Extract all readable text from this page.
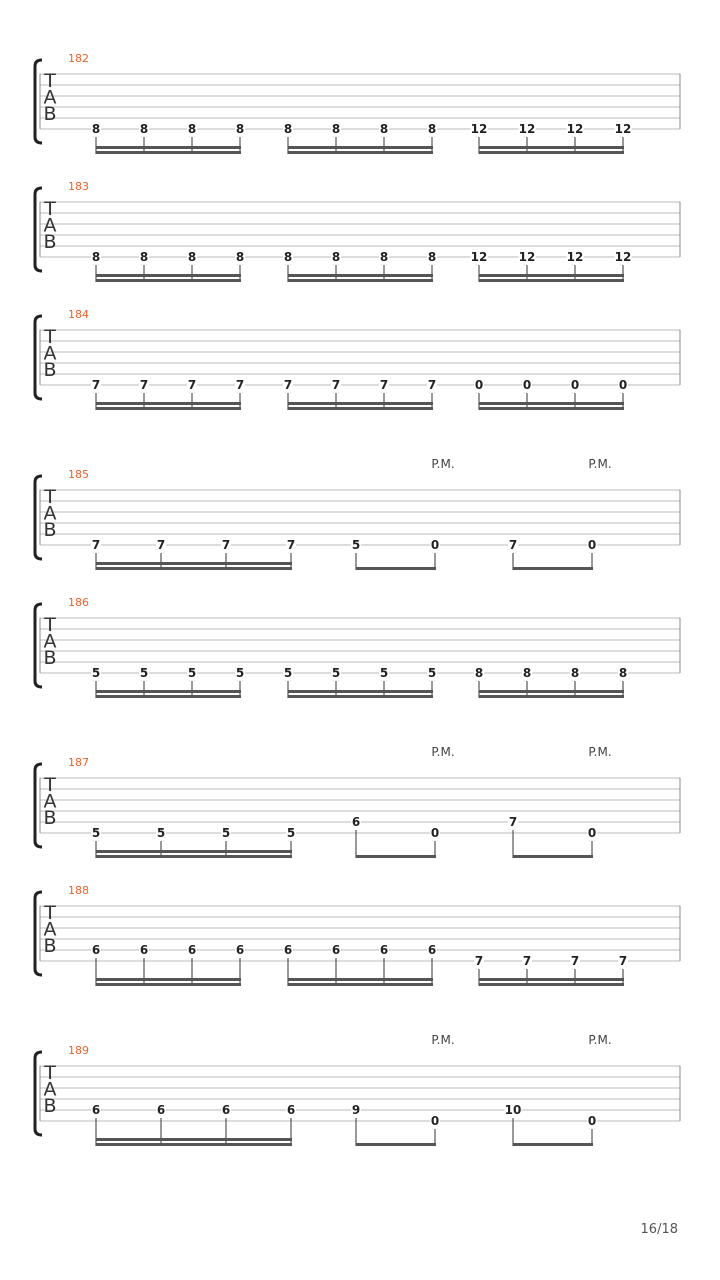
182
T
A
B
8	8	8	8	8	8	8	8	12	12	12	12
183
T
A
B
8	8	8	8	8	8	8	8	12	12	12	12
184
T
A
B
7	7	7	7	7	7	7	7	0	0	0	0
P.M.	P.M.
185
T
A
B
7	7	7	7	5	0	7	0
186
T
A
B
5	5	5	5	5	5	5	5	8	8	8	8
P.M.	P.M.
187
T
A
B
5	5	5	5
6
0
7
0
188
T
A
B	6	6	6	6	6	6	6	6
7	7	7	7
P.M.	P.M.
189
T
A
B	6	6	6	6	9
0
10
0
16/18
